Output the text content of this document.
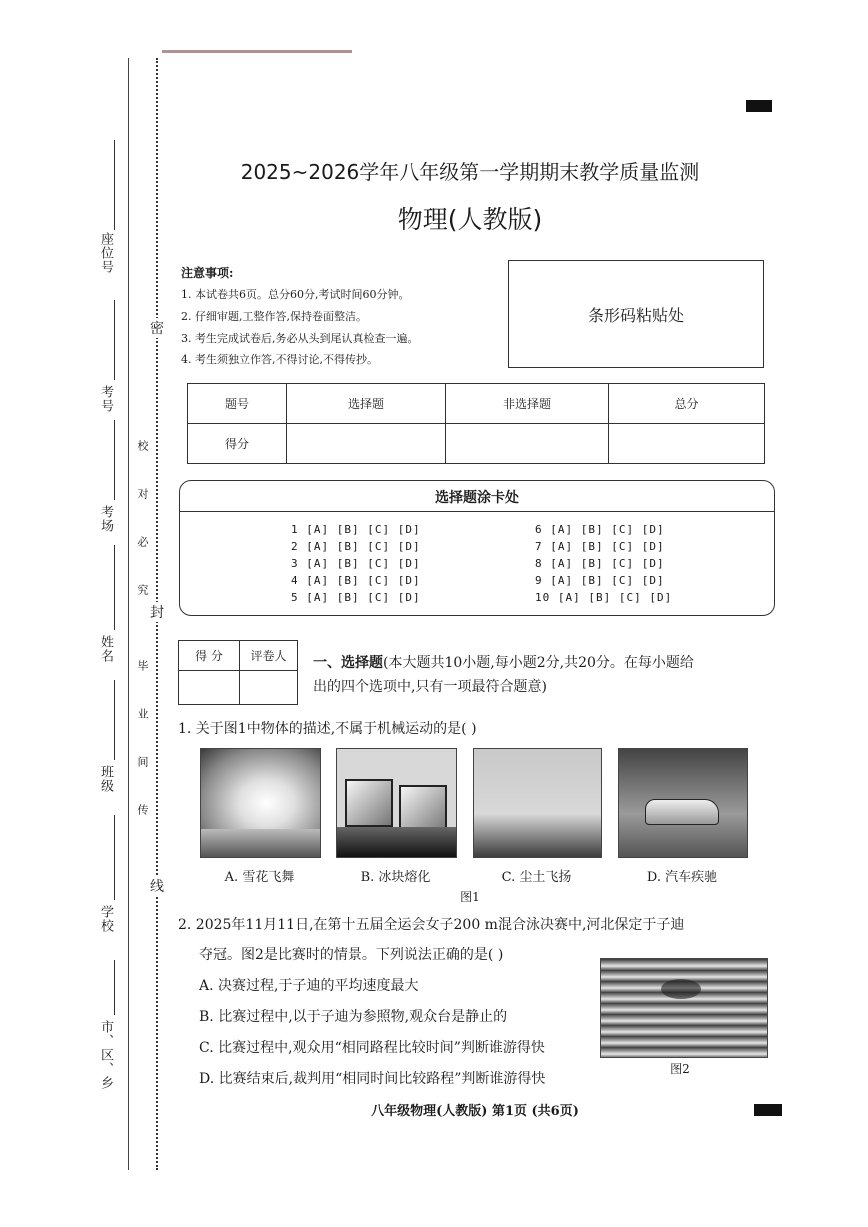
座位号
考号
考场
姓名
班级
学校
市、区、乡
校 对 必 究
毕 业 间 传
密
封
线
2025~2026学年八年级第一学期期末教学质量监测
物理(人教版)
注意事项:
1. 本试卷共6页。总分60分,考试时间60分钟。
2. 仔细审题,工整作答,保持卷面整洁。
3. 考生完成试卷后,务必从头到尾认真检查一遍。
4. 考生须独立作答,不得讨论,不得传抄。
条形码粘贴处
题号	选择题	非选择题	总分
得分			
选择题涂卡处
1 [A] [B] [C] [D]
2 [A] [B] [C] [D]
3 [A] [B] [C] [D]
4 [A] [B] [C] [D]
5 [A] [B] [C] [D]
6 [A] [B] [C] [D]
7 [A] [B] [C] [D]
8 [A] [B] [C] [D]
9 [A] [B] [C] [D]
10 [A] [B] [C] [D]
得 分	评卷人
	一、选择题(本大题共10小题,每小题2分,共20分。在每小题给
出的四个选项中,只有一项最符合题意)
1. 关于图1中物体的描述,不属于机械运动的是( )
A. 雪花飞舞	B. 冰块熔化	C. 尘土飞扬	D. 汽车疾驰
图1
2. 2025年11月11日,在第十五届全运会女子200 m混合泳决赛中,河北保定于子迪
夺冠。图2是比赛时的情景。下列说法正确的是( )
A. 决赛过程,于子迪的平均速度最大
B. 比赛过程中,以于子迪为参照物,观众台是静止的
C. 比赛过程中,观众用“相同路程比较时间”判断谁游得快
D. 比赛结束后,裁判用“相同时间比较路程”判断谁游得快
图2
八年级物理(人教版) 第1页 (共6页)
